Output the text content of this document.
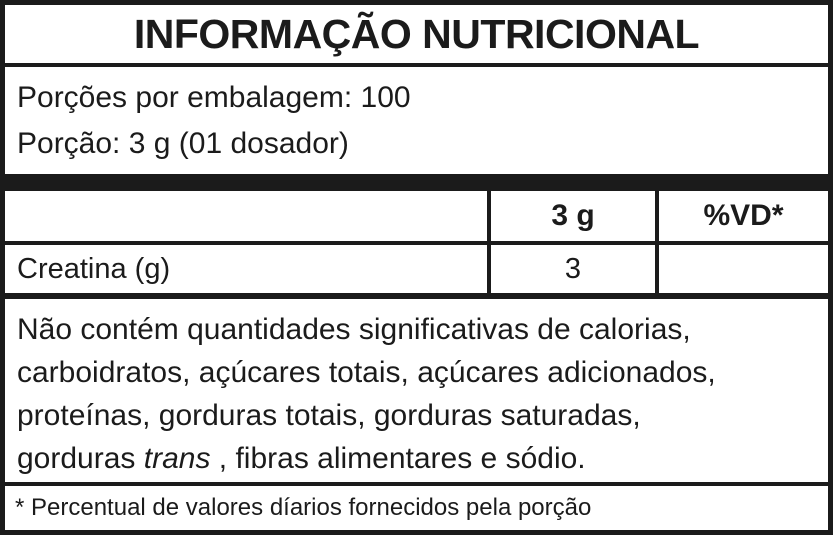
INFORMAÇÃO NUTRICIONAL
Porções por embalagem: 100
Porção: 3 g (01 dosador)
3 g	%VD*
Creatina (g)	3
Não contém quantidades significativas de calorias,
carboidratos, açúcares totais, açúcares adicionados,
proteínas, gorduras totais, gorduras saturadas,
gorduras trans , fibras alimentares e sódio.
* Percentual de valores díarios fornecidos pela porção
